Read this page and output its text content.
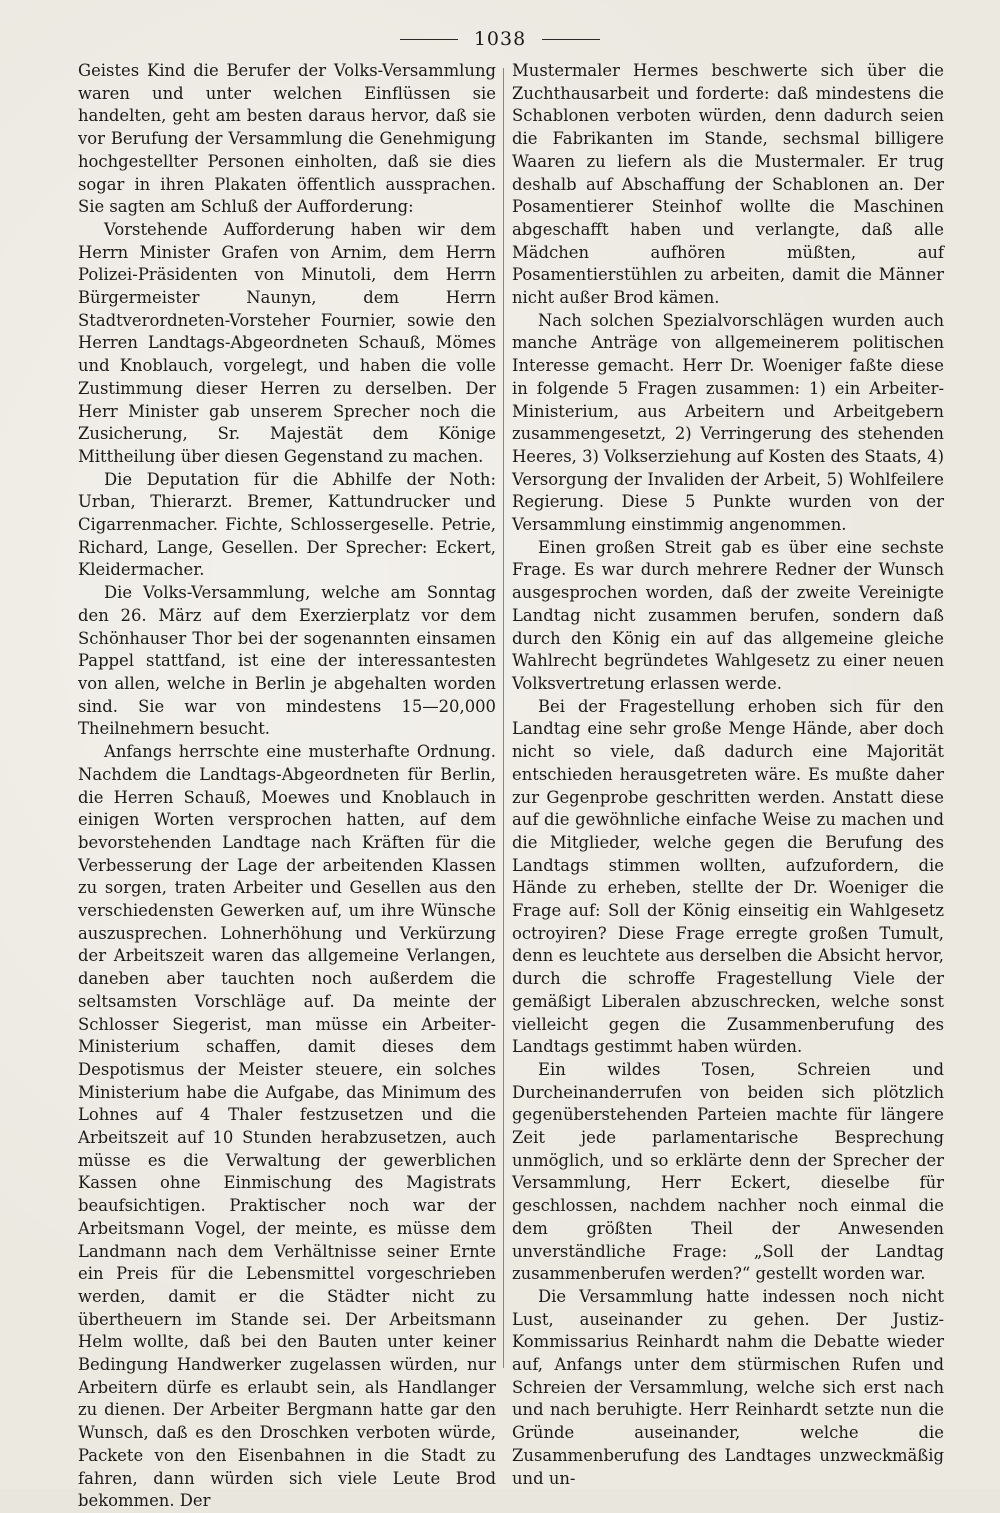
1038

Geistes Kind die Berufer der Volks-Versammlung waren und unter welchen Einflüssen sie handelten, geht am besten daraus hervor, daß sie vor Berufung der Versammlung die Genehmigung hochgestellter Personen einholten, daß sie dies sogar in ihren Plakaten öffentlich aussprachen. Sie sagten am Schluß der Aufforderung:

Vorstehende Aufforderung haben wir dem Herrn Minister Grafen von Arnim, dem Herrn Polizei-Präsidenten von Minutoli, dem Herrn Bürgermeister Naunyn, dem Herrn Stadtverordneten-Vorsteher Fournier, sowie den Herren Landtags-Abgeordneten Schauß, Mömes und Knoblauch, vorgelegt, und haben die volle Zustimmung dieser Herren zu derselben. Der Herr Minister gab unserem Sprecher noch die Zusicherung, Sr. Majestät dem Könige Mittheilung über diesen Gegenstand zu machen.

Die Deputation für die Abhilfe der Noth: Urban, Thierarzt. Bremer, Kattundrucker und Cigarrenmacher. Fichte, Schlossergeselle. Petrie, Richard, Lange, Gesellen. Der Sprecher: Eckert, Kleidermacher.

Die Volks-Versammlung, welche am Sonntag den 26. März auf dem Exerzierplatz vor dem Schönhauser Thor bei der sogenannten einsamen Pappel stattfand, ist eine der interessantesten von allen, welche in Berlin je abgehalten worden sind. Sie war von mindestens 15—20,000 Theilnehmern besucht.

Anfangs herrschte eine musterhafte Ordnung. Nachdem die Landtags-Abgeordneten für Berlin, die Herren Schauß, Moewes und Knoblauch in einigen Worten versprochen hatten, auf dem bevorstehenden Landtage nach Kräften für die Verbesserung der Lage der arbeitenden Klassen zu sorgen, traten Arbeiter und Gesellen aus den verschiedensten Gewerken auf, um ihre Wünsche auszusprechen. Lohnerhöhung und Verkürzung der Arbeitszeit waren das allgemeine Verlangen, daneben aber tauchten noch außerdem die seltsamsten Vorschläge auf. Da meinte der Schlosser Siegerist, man müsse ein Arbeiter-Ministerium schaffen, damit dieses dem Despotismus der Meister steuere, ein solches Ministerium habe die Aufgabe, das Minimum des Lohnes auf 4 Thaler festzusetzen und die Arbeitszeit auf 10 Stunden herabzusetzen, auch müsse es die Verwaltung der gewerblichen Kassen ohne Einmischung des Magistrats beaufsichtigen. Praktischer noch war der Arbeitsmann Vogel, der meinte, es müsse dem Landmann nach dem Verhältnisse seiner Ernte ein Preis für die Lebensmittel vorgeschrieben werden, damit er die Städter nicht zu übertheuern im Stande sei. Der Arbeitsmann Helm wollte, daß bei den Bauten unter keiner Bedingung Handwerker zugelassen würden, nur Arbeitern dürfe es erlaubt sein, als Handlanger zu dienen. Der Arbeiter Bergmann hatte gar den Wunsch, daß es den Droschken verboten würde, Packete von den Eisenbahnen in die Stadt zu fahren, dann würden sich viele Leute Brod bekommen. Der

Mustermaler Hermes beschwerte sich über die Zuchthausarbeit und forderte: daß mindestens die Schablonen verboten würden, denn dadurch seien die Fabrikanten im Stande, sechsmal billigere Waaren zu liefern als die Mustermaler. Er trug deshalb auf Abschaffung der Schablonen an. Der Posamentierer Steinhof wollte die Maschinen abgeschafft haben und verlangte, daß alle Mädchen aufhören müßten, auf Posamentierstühlen zu arbeiten, damit die Männer nicht außer Brod kämen.

Nach solchen Spezialvorschlägen wurden auch manche Anträge von allgemeinerem politischen Interesse gemacht. Herr Dr. Woeniger faßte diese in folgende 5 Fragen zusammen: 1) ein Arbeiter-Ministerium, aus Arbeitern und Arbeitgebern zusammengesetzt, 2) Verringerung des stehenden Heeres, 3) Volkserziehung auf Kosten des Staats, 4) Versorgung der Invaliden der Arbeit, 5) Wohlfeilere Regierung. Diese 5 Punkte wurden von der Versammlung einstimmig angenommen.

Einen großen Streit gab es über eine sechste Frage. Es war durch mehrere Redner der Wunsch ausgesprochen worden, daß der zweite Vereinigte Landtag nicht zusammen berufen, sondern daß durch den König ein auf das allgemeine gleiche Wahlrecht begründetes Wahlgesetz zu einer neuen Volksvertretung erlassen werde.

Bei der Fragestellung erhoben sich für den Landtag eine sehr große Menge Hände, aber doch nicht so viele, daß dadurch eine Majorität entschieden herausgetreten wäre. Es mußte daher zur Gegenprobe geschritten werden. Anstatt diese auf die gewöhnliche einfache Weise zu machen und die Mitglieder, welche gegen die Berufung des Landtags stimmen wollten, aufzufordern, die Hände zu erheben, stellte der Dr. Woeniger die Frage auf: Soll der König einseitig ein Wahlgesetz octroyiren? Diese Frage erregte großen Tumult, denn es leuchtete aus derselben die Absicht hervor, durch die schroffe Fragestellung Viele der gemäßigt Liberalen abzuschrecken, welche sonst vielleicht gegen die Zusammenberufung des Landtags gestimmt haben würden.

Ein wildes Tosen, Schreien und Durcheinanderrufen von beiden sich plötzlich gegenüberstehenden Parteien machte für längere Zeit jede parlamentarische Besprechung unmöglich, und so erklärte denn der Sprecher der Versammlung, Herr Eckert, dieselbe für geschlossen, nachdem nachher noch einmal die dem größten Theil der Anwesenden unverständliche Frage: „Soll der Landtag zusammenberufen werden?“ gestellt worden war.

Die Versammlung hatte indessen noch nicht Lust, auseinander zu gehen. Der Justiz-Kommissarius Reinhardt nahm die Debatte wieder auf, Anfangs unter dem stürmischen Rufen und Schreien der Versammlung, welche sich erst nach und nach beruhigte. Herr Reinhardt setzte nun die Gründe auseinander, welche die Zusammenberufung des Landtages unzweckmäßig und un-
